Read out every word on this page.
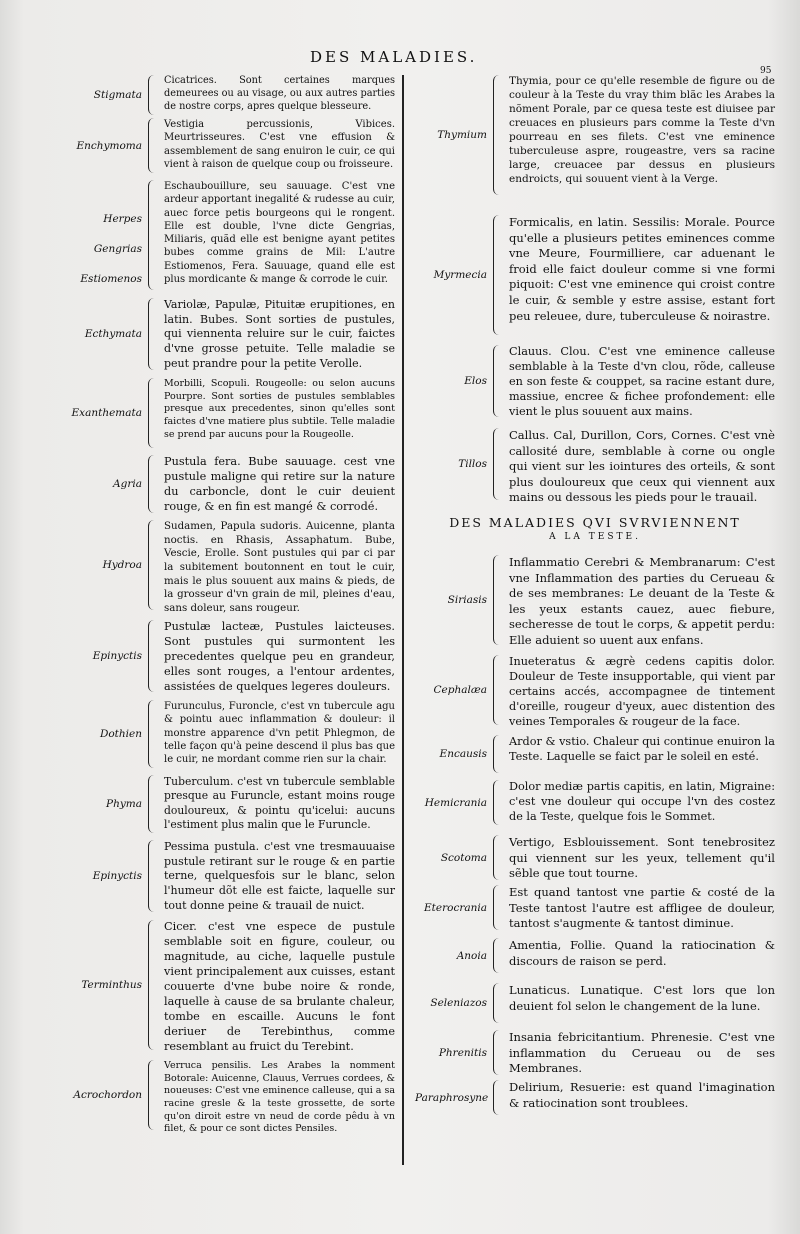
DES MALADIES.
95
Stigmata
Cicatrices. Sont certaines marques demeurees ou au visage, ou aux autres parties de nostre corps, apres quelque blesseure.
Enchymoma
Vestigia percussionis, Vibices. Meurtrisseures. C'est vne effusion & assemblement de sang enuiron le cuir, ce qui vient à raison de quelque coup ou froisseure.
Herpes
Gengrias
Estiomenos
Eschaubouillure, seu sauuage. C'est vne ardeur apportant inegalité & rudesse au cuir, auec force petis bourgeons qui le rongent. Elle est double, l'vne dicte Gengrias, Miliaris, quãd elle est benigne ayant petites bubes comme grains de Mil: L'autre Estiomenos, Fera. Sauuage, quand elle est plus mordicante & mange & corrode le cuir.
Ecthymata
Variolæ, Papulæ, Pituitæ erupitiones, en latin. Bubes. Sont sorties de pustules, qui viennenta reluire sur le cuir, faictes d'vne grosse petuite. Telle maladie se peut prandre pour la petite Verolle.
Exanthemata
Morbilli, Scopuli. Rougeolle: ou selon aucuns Pourpre. Sont sorties de pustules semblables presque aux precedentes, sinon qu'elles sont faictes d'vne matiere plus subtile. Telle maladie se prend par aucuns pour la Rougeolle.
Agria
Pustula fera. Bube sauuage. cest vne pustule maligne qui retire sur la nature du carboncle, dont le cuir deuient rouge, & en fin est mangé & corrodé.
Hydroa
Sudamen, Papula sudoris. Auicenne, planta noctis. en Rhasis, Assaphatum. Bube, Vescie, Erolle. Sont pustules qui par ci par la subitement boutonnent en tout le cuir, mais le plus souuent aux mains & pieds, de la grosseur d'vn grain de mil, pleines d'eau, sans doleur, sans rougeur.
Epinyctis
Pustulæ lacteæ, Pustules laicteuses. Sont pustules qui surmontent les precedentes quelque peu en grandeur, elles sont rouges, a l'entour ardentes, assistées de quelques legeres douleurs.
Dothien
Furunculus, Furoncle, c'est vn tubercule agu & pointu auec inflammation & douleur: il monstre apparence d'vn petit Phlegmon, de telle façon qu'à peine descend il plus bas que le cuir, ne mordant comme rien sur la chair.
Phyma
Tuberculum. c'est vn tubercule semblable presque au Furuncle, estant moins rouge douloureux, & pointu qu'icelui: aucuns l'estiment plus malin que le Furuncle.
Epinyctis
Pessima pustula. c'est vne tresmauuaise pustule retirant sur le rouge & en partie terne, quelquesfois sur le blanc, selon l'humeur dõt elle est faicte, laquelle sur tout donne peine & trauail de nuict.
Terminthus
Cicer. c'est vne espece de pustule semblable soit en figure, couleur, ou magnitude, au ciche, laquelle pustule vient principalement aux cuisses, estant couuerte d'vne bube noire & ronde, laquelle à cause de sa brulante chaleur, tombe en escaille. Aucuns le font deriuer de Terebinthus, comme resemblant au fruict du Terebint.
Acrochordon
Verruca pensilis. Les Arabes la nomment Botorale: Auicenne, Clauus, Verrues cordees, & noueuses: C'est vne eminence calleuse, qui a sa racine gresle & la teste grossette, de sorte qu'on diroit estre vn neud de corde pêdu à vn filet, & pour ce sont dictes Pensiles.
Thymium
Thymia, pour ce qu'elle resemble de figure ou de couleur à la Teste du vray thim blãc les Arabes la nõment Porale, par ce quesa teste est diuisee par creuaces en plusieurs pars comme la Teste d'vn pourreau en ses filets. C'est vne eminence tuberculeuse aspre, rougeastre, vers sa racine large, creuacee par dessus en plusieurs endroicts, qui souuent vient à la Verge.
Myrmecia
Formicalis, en latin. Sessilis: Morale. Pource qu'elle a plusieurs petites eminences comme vne Meure, Fourmilliere, car aduenant le froid elle faict douleur comme si vne formi piquoit: C'est vne eminence qui croist contre le cuir, & semble y estre assise, estant fort peu releuee, dure, tuberculeuse & noirastre.
Elos
Clauus. Clou. C'est vne eminence calleuse semblable à la Teste d'vn clou, rõde, calleuse en son feste & couppet, sa racine estant dure, massiue, encree & fichee profondement: elle vient le plus souuent aux mains.
Tillos
Callus. Cal, Durillon, Cors, Cornes. C'est vnè callosité dure, semblable à corne ou ongle qui vient sur les iointures des orteils, & sont plus douloureux que ceux qui viennent aux mains ou dessous les pieds pour le trauail.
Siriasis
Inflammatio Cerebri & Membranarum: C'est vne Inflammation des parties du Cerueau & de ses membranes: Le deuant de la Teste & les yeux estants cauez, auec fiebure, secheresse de tout le corps, & appetit perdu: Elle aduient so uuent aux enfans.
Cephalæa
Inueteratus & ægrè cedens capitis dolor. Douleur de Teste insupportable, qui vient par certains accés, accompagnee de tintement d'oreille, rougeur d'yeux, auec distention des veines Temporales & rougeur de la face.
Encausis
Ardor & vstio. Chaleur qui continue enuiron la Teste. Laquelle se faict par le soleil en esté.
Hemicrania
Dolor mediæ partis capitis, en latin, Migraine: c'est vne douleur qui occupe l'vn des costez de la Teste, quelque fois le Sommet.
Scotoma
Vertigo, Esblouissement. Sont tenebrositez qui viennent sur les yeux, tellement qu'il sẽble que tout tourne.
Eterocrania
Est quand tantost vne partie & costé de la Teste tantost l'autre est affligee de douleur, tantost s'augmente & tantost diminue.
Anoia
Amentia, Follie. Quand la ratiocination & discours de raison se perd.
Seleniazos
Lunaticus. Lunatique. C'est lors que lon deuient fol selon le changement de la lune.
Phrenitis
Insania febricitantium. Phrenesie. C'est vne inflammation du Cerueau ou de ses Membranes.
Paraphrosyne
Delirium, Resuerie: est quand l'imagination & ratiocination sont troublees.
DES MALADIES QVI SVRVIENNENT
A LA TESTE.
